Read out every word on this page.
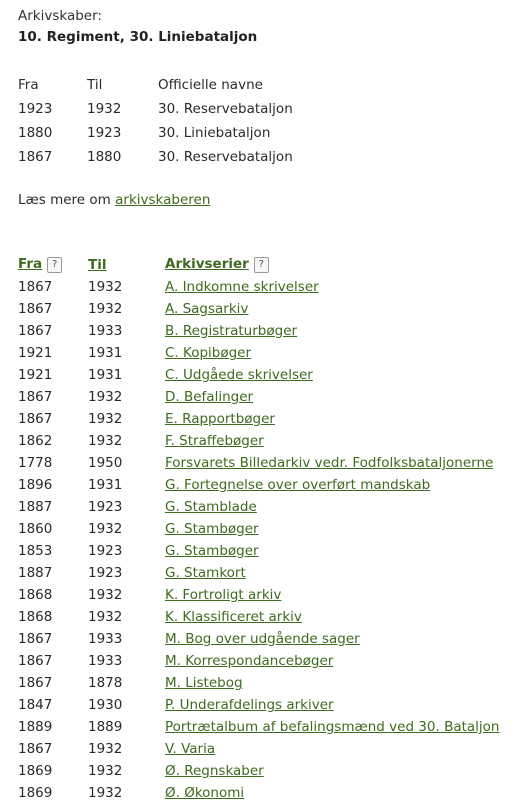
Arkivskaber:
10. Regiment, 30. Liniebataljon
Fra	Til	Officielle navne
1923	1932	30. Reservebataljon
1880	1923	30. Liniebataljon
1867	1880	30. Reservebataljon
Læs mere om arkivskaberen
Fra ?	Til	Arkivserier ?
1867	1932	A. Indkomne skrivelser
1867	1932	A. Sagsarkiv
1867	1933	B. Registraturbøger
1921	1931	C. Kopibøger
1921	1931	C. Udgåede skrivelser
1867	1932	D. Befalinger
1867	1932	E. Rapportbøger
1862	1932	F. Straffebøger
1778	1950	Forsvarets Billedarkiv vedr. Fodfolksbataljonerne
1896	1931	G. Fortegnelse over overført mandskab
1887	1923	G. Stamblade
1860	1932	G. Stambøger
1853	1923	G. Stambøger
1887	1923	G. Stamkort
1868	1932	K. Fortroligt arkiv
1868	1932	K. Klassificeret arkiv
1867	1933	M. Bog over udgående sager
1867	1933	M. Korrespondancebøger
1867	1878	M. Listebog
1847	1930	P. Underafdelings arkiver
1889	1889	Portrætalbum af befalingsmænd ved 30. Bataljon
1867	1932	V. Varia
1869	1932	Ø. Regnskaber
1869	1932	Ø. Økonomi
